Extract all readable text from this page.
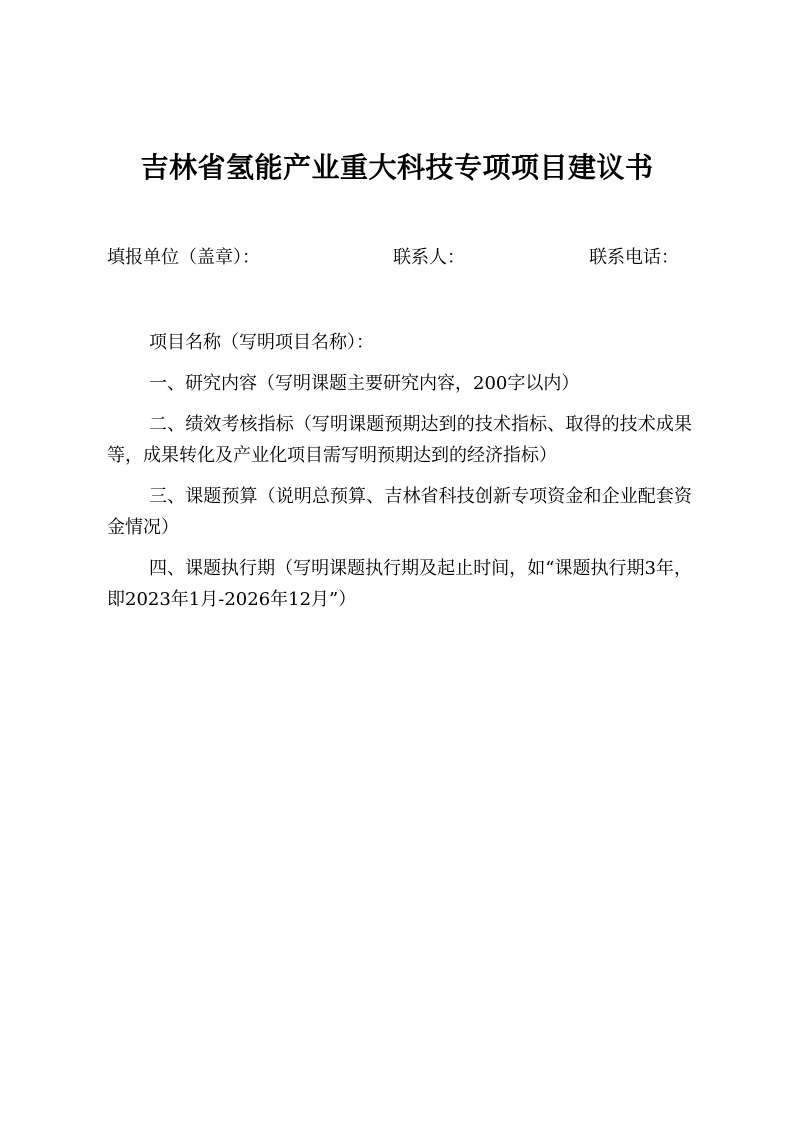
吉林省氢能产业重大科技专项项目建议书
填报单位（盖章）：	联系人：	联系电话：

项目名称（写明项目名称）：

一、研究内容（写明课题主要研究内容，200字以内）

二、绩效考核指标（写明课题预期达到的技术指标、取得的技术成果等，成果转化及产业化项目需写明预期达到的经济指标）

三、课题预算（说明总预算、吉林省科技创新专项资金和企业配套资金情况）

四、课题执行期（写明课题执行期及起止时间，如“课题执行期3年，即2023年1月-2026年12月”）
